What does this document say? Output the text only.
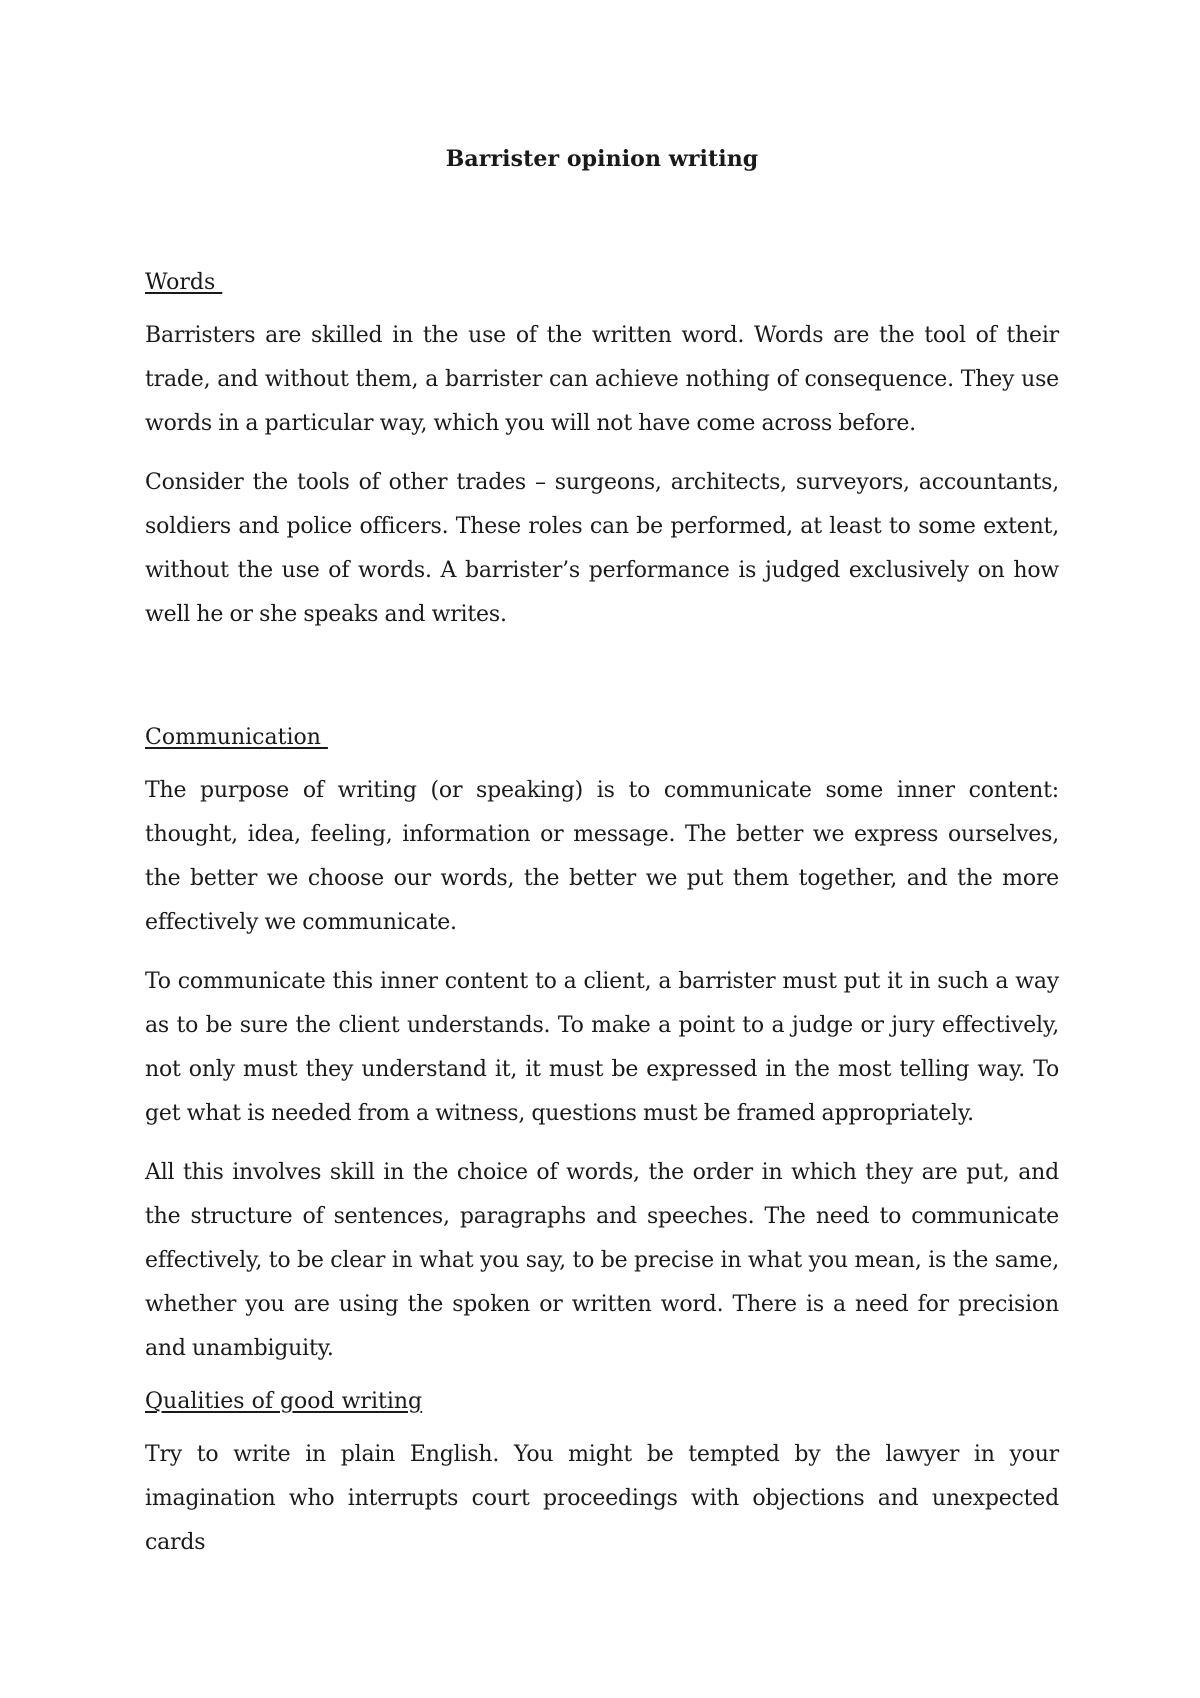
Barrister opinion writing
Words

Barristers are skilled in the use of the written word. Words are the tool of their trade, and without them, a barrister can achieve nothing of consequence. They use words in a particular way, which you will not have come across before.

Consider the tools of other trades – surgeons, architects, surveyors, accountants, soldiers and police officers. These roles can be performed, at least to some extent, without the use of words. A barrister’s performance is judged exclusively on how well he or she speaks and writes.

Communication

The purpose of writing (or speaking) is to communicate some inner content: thought, idea, feeling, information or message. The better we express ourselves, the better we choose our words, the better we put them together, and the more effectively we communicate.

To communicate this inner content to a client, a barrister must put it in such a way as to be sure the client understands. To make a point to a judge or jury effectively, not only must they understand it, it must be expressed in the most telling way. To get what is needed from a witness, questions must be framed appropriately.

All this involves skill in the choice of words, the order in which they are put, and the structure of sentences, paragraphs and speeches. The need to communicate effectively, to be clear in what you say, to be precise in what you mean, is the same, whether you are using the spoken or written word. There is a need for precision and unambiguity.

Qualities of good writing

Try to write in plain English. You might be tempted by the lawyer in your imagination who interrupts court proceedings with objections and unexpected cards
